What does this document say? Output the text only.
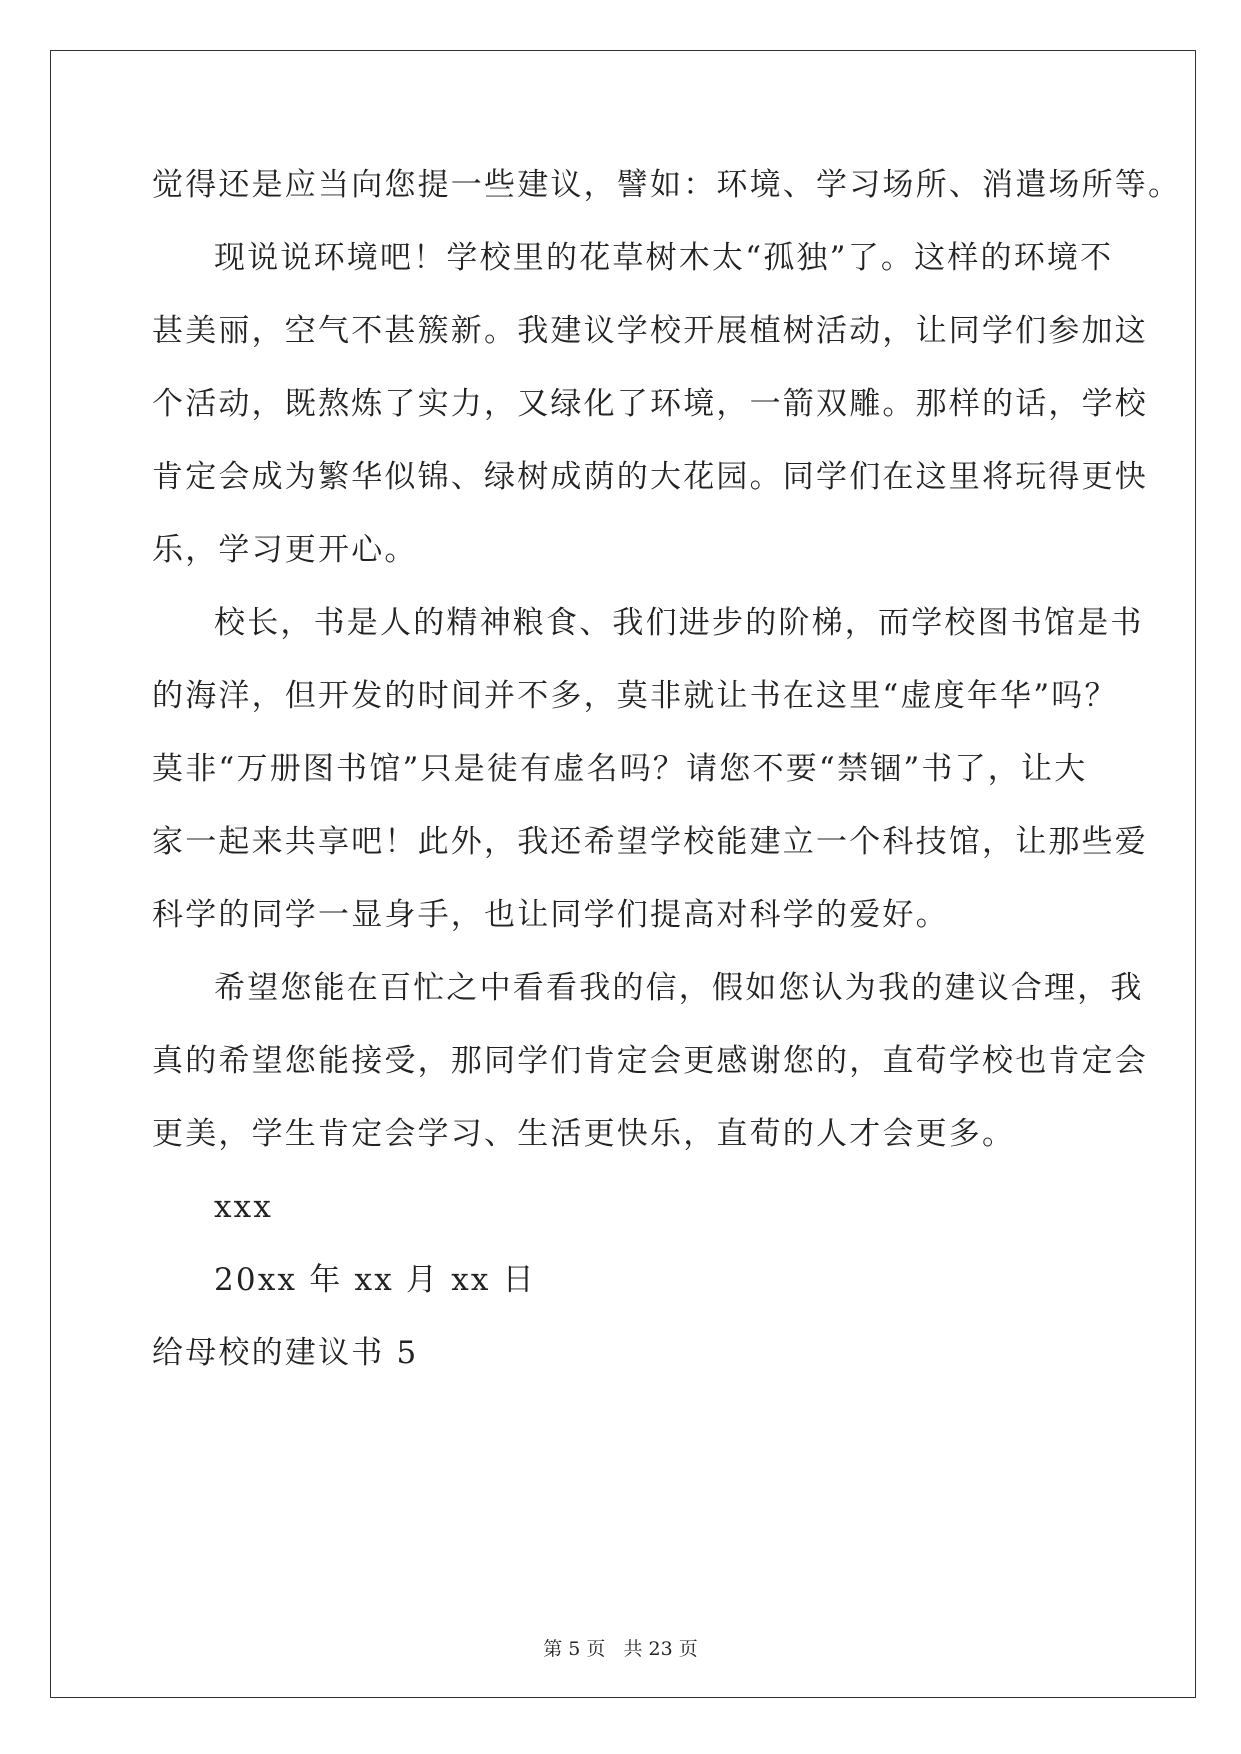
觉得还是应当向您提一些建议，譬如：环境、学习场所、消遣场所等。
现说说环境吧！学校里的花草树木太“孤独”了。这样的环境不
甚美丽，空气不甚簇新。我建议学校开展植树活动，让同学们参加这
个活动，既熬炼了实力，又绿化了环境，一箭双雕。那样的话，学校
肯定会成为繁华似锦、绿树成荫的大花园。同学们在这里将玩得更快
乐，学习更开心。
校长，书是人的精神粮食、我们进步的阶梯，而学校图书馆是书
的海洋，但开发的时间并不多，莫非就让书在这里“虚度年华”吗？
莫非“万册图书馆”只是徒有虚名吗？请您不要“禁锢”书了，让大
家一起来共享吧！此外，我还希望学校能建立一个科技馆，让那些爱
科学的同学一显身手，也让同学们提高对科学的爱好。
希望您能在百忙之中看看我的信，假如您认为我的建议合理，我
真的希望您能接受，那同学们肯定会更感谢您的，直荀学校也肯定会
更美，学生肯定会学习、生活更快乐，直荀的人才会更多。
xxx
20xx 年 xx 月 xx 日
给母校的建议书 5
第 5 页 共 23 页
